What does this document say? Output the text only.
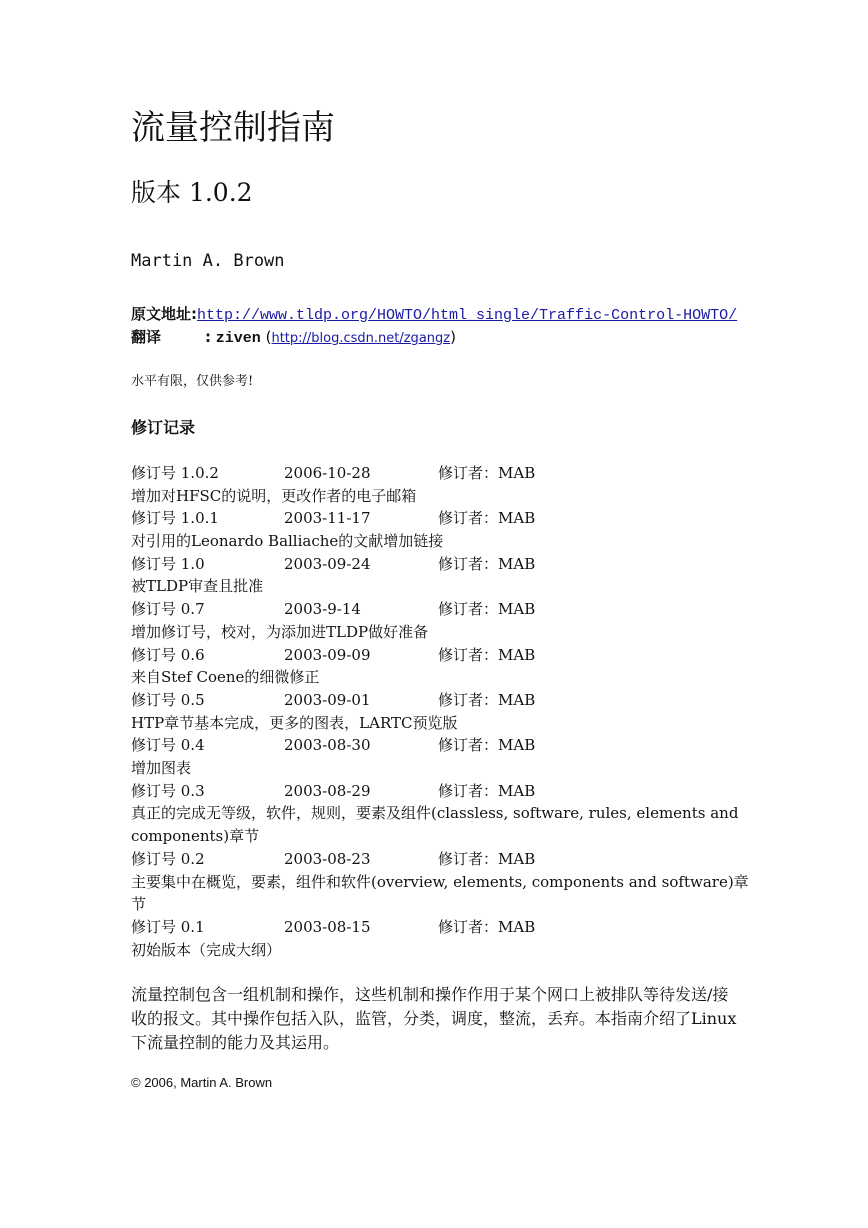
流量控制指南
版本 1.0.2
Martin A. Brown
原文地址:http://www.tldp.org/HOWTO/html_single/Traffic-Control-HOWTO/
翻译	: ziven (http://blog.csdn.net/zgangz)
水平有限，仅供参考!
修订记录
修订号 1.0.2	2006-10-28	修订者：MAB
增加对HFSC的说明，更改作者的电子邮箱
修订号 1.0.1	2003-11-17	修订者：MAB
对引用的Leonardo Balliache的文献增加链接
修订号 1.0	2003-09-24	修订者：MAB
被TLDP审查且批准
修订号 0.7	2003-9-14	修订者：MAB
增加修订号，校对，为添加进TLDP做好准备
修订号 0.6	2003-09-09	修订者：MAB
来自Stef Coene的细微修正
修订号 0.5	2003-09-01	修订者：MAB
HTP章节基本完成，更多的图表，LARTC预览版
修订号 0.4	2003-08-30	修订者：MAB
增加图表
修订号 0.3	2003-08-29	修订者：MAB
真正的完成无等级，软件，规则，要素及组件(classless, software, rules, elements and components)章节
修订号 0.2	2003-08-23	修订者：MAB
主要集中在概览，要素，组件和软件(overview, elements, components and software)章节
修订号 0.1	2003-08-15	修订者：MAB
初始版本（完成大纲）
流量控制包含一组机制和操作，这些机制和操作作用于某个网口上被排队等待发送/接收的报文。其中操作包括入队，监管，分类，调度，整流，丢弃。本指南介绍了Linux下流量控制的能力及其运用。
© 2006, Martin A. Brown
